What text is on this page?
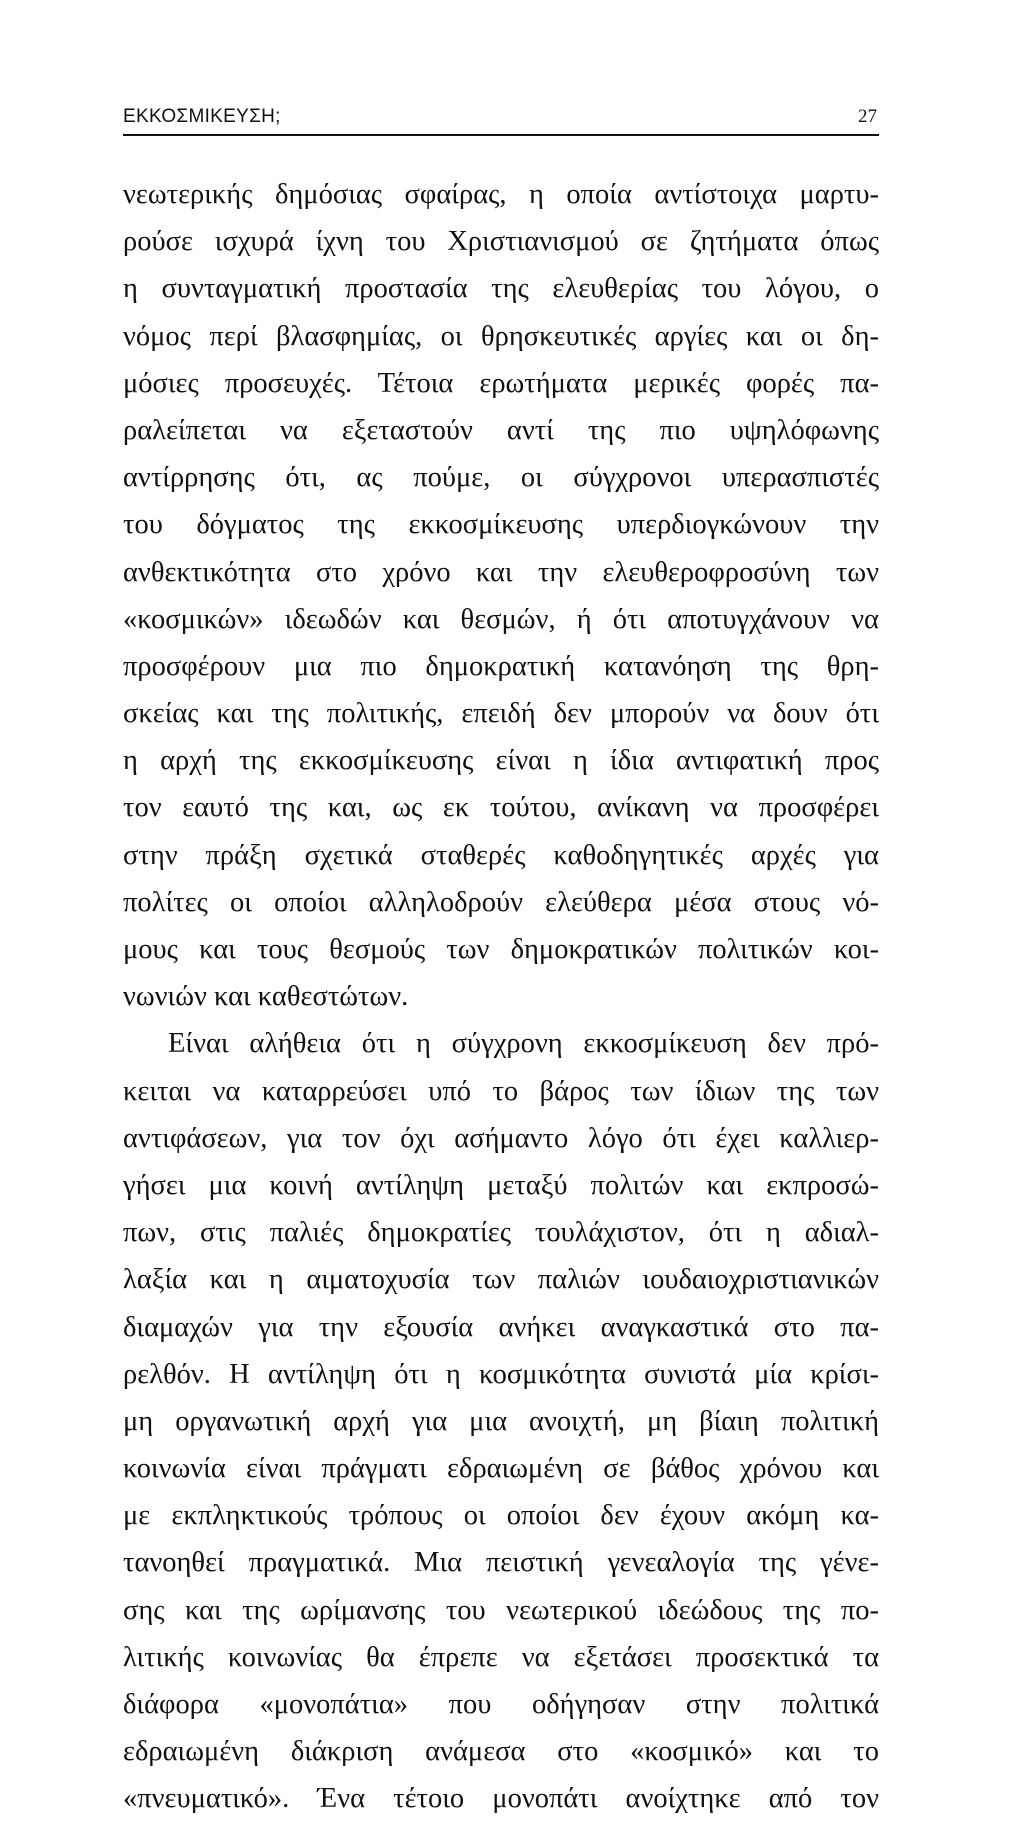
ΕΚΚΟΣΜΙΚΕΥΣΗ;	27
νεωτερικής δημόσιας σφαίρας, η οποία αντίστοιχα μαρτυ-
ρούσε ισχυρά ίχνη του Χριστιανισμού σε ζητήματα όπως
η συνταγματική προστασία της ελευθερίας του λόγου, ο
νόμος περί βλασφημίας, οι θρησκευτικές αργίες και οι δη-
μόσιες προσευχές. Τέτοια ερωτήματα μερικές φορές πα-
ραλείπεται να εξεταστούν αντί της πιο υψηλόφωνης
αντίρρησης ότι, ας πούμε, οι σύγχρονοι υπερασπιστές
του δόγματος της εκκοσμίκευσης υπερδιογκώνουν την
ανθεκτικότητα στο χρόνο και την ελευθεροφροσύνη των
«κοσμικών» ιδεωδών και θεσμών, ή ότι αποτυγχάνουν να
προσφέρουν μια πιο δημοκρατική κατανόηση της θρη-
σκείας και της πολιτικής, επειδή δεν μπορούν να δουν ότι
η αρχή της εκκοσμίκευσης είναι η ίδια αντιφατική προς
τον εαυτό της και, ως εκ τούτου, ανίκανη να προσφέρει
στην πράξη σχετικά σταθερές καθοδηγητικές αρχές για
πολίτες οι οποίοι αλληλοδρούν ελεύθερα μέσα στους νό-
μους και τους θεσμούς των δημοκρατικών πολιτικών κοι-
νωνιών και καθεστώτων.
Είναι αλήθεια ότι η σύγχρονη εκκοσμίκευση δεν πρό-
κειται να καταρρεύσει υπό το βάρος των ίδιων της των
αντιφάσεων, για τον όχι ασήμαντο λόγο ότι έχει καλλιερ-
γήσει μια κοινή αντίληψη μεταξύ πολιτών και εκπροσώ-
πων, στις παλιές δημοκρατίες τουλάχιστον, ότι η αδιαλ-
λαξία και η αιματοχυσία των παλιών ιουδαιοχριστιανικών
διαμαχών για την εξουσία ανήκει αναγκαστικά στο πα-
ρελθόν. Η αντίληψη ότι η κοσμικότητα συνιστά μία κρίσι-
μη οργανωτική αρχή για μια ανοιχτή, μη βίαιη πολιτική
κοινωνία είναι πράγματι εδραιωμένη σε βάθος χρόνου και
με εκπληκτικούς τρόπους οι οποίοι δεν έχουν ακόμη κα-
τανοηθεί πραγματικά. Μια πειστική γενεαλογία της γένε-
σης και της ωρίμανσης του νεωτερικού ιδεώδους της πο-
λιτικής κοινωνίας θα έπρεπε να εξετάσει προσεκτικά τα
διάφορα «μονοπάτια» που οδήγησαν στην πολιτικά
εδραιωμένη διάκριση ανάμεσα στο «κοσμικό» και το
«πνευματικό». Ένα τέτοιο μονοπάτι ανοίχτηκε από τον
